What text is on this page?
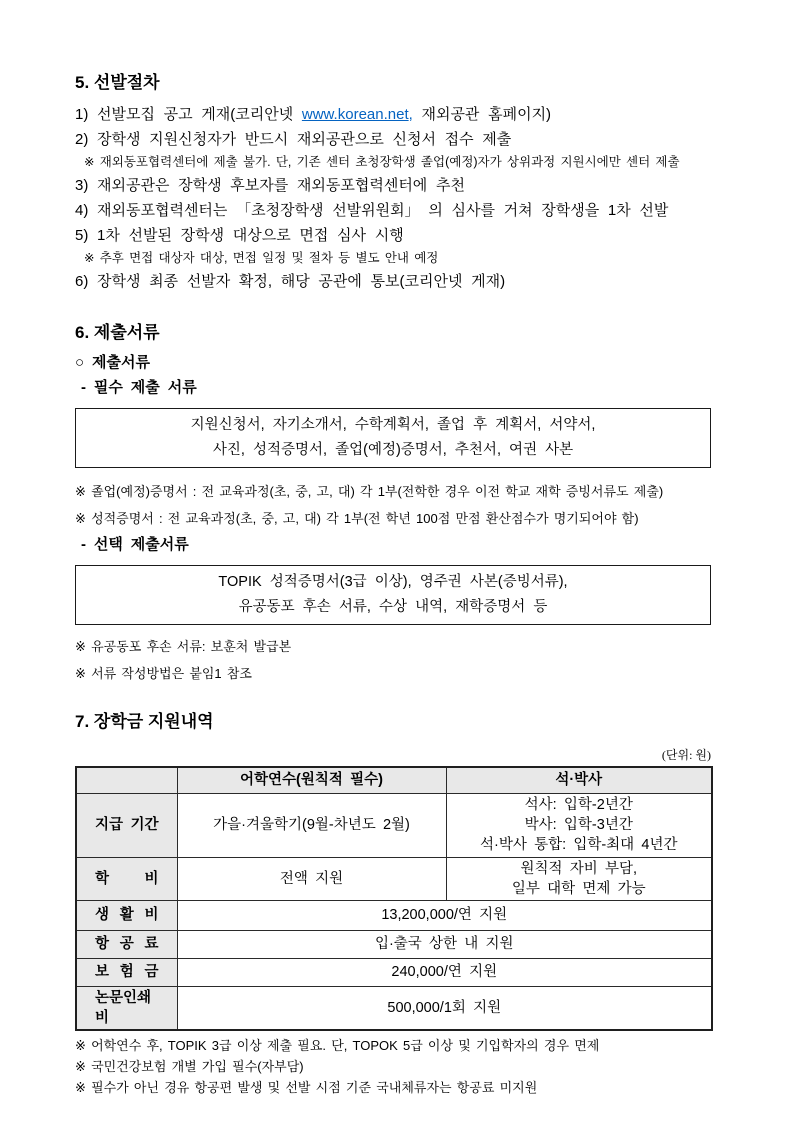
5. 선발절차
1) 선발모집 공고 게재(코리안넷 www.korean.net, 재외공관 홈페이지)
2) 장학생 지원신청자가 반드시 재외공관으로 신청서 접수 제출
※ 재외동포협력센터에 제출 불가. 단, 기존 센터 초청장학생 졸업(예정)자가 상위과정 지원시에만 센터 제출
3) 재외공관은 장학생 후보자를 재외동포협력센터에 추천
4) 재외동포협력센터는 「초청장학생 선발위원회」 의 심사를 거쳐 장학생을 1차 선발
5) 1차 선발된 장학생 대상으로 면접 심사 시행
※ 추후 면접 대상자 대상, 면접 일정 및 절차 등 별도 안내 예정
6) 장학생 최종 선발자 확정, 해당 공관에 통보(코리안넷 게재)
6. 제출서류
○ 제출서류
- 필수 제출 서류
지원신청서, 자기소개서, 수학계획서, 졸업 후 계획서, 서약서,
사진, 성적증명서, 졸업(예정)증명서, 추천서, 여권 사본
※ 졸업(예정)증명서 : 전 교육과정(초, 중, 고, 대) 각 1부(전학한 경우 이전 학교 재학 증빙서류도 제출)
※ 성적증명서 : 전 교육과정(초, 중, 고, 대) 각 1부(전 학년 100점 만점 환산점수가 명기되어야 함)
- 선택 제출서류
TOPIK 성적증명서(3급 이상), 영주권 사본(증빙서류),
유공동포 후손 서류, 수상 내역, 재학증명서 등
※ 유공동포 후손 서류: 보훈처 발급본
※ 서류 작성방법은 붙임1 참조
7. 장학금 지원내역
(단위: 원)
	어학연수(원칙적 필수)	석·박사

지급 기간	가을·겨울학기(9월-차년도 2월)	석사: 입학-2년간
박사: 입학-3년간
석·박사 통합: 입학-최대 4년간

학 비	전액 지원	원칙적 자비 부담,
일부 대학 면제 가능

생 활 비	13,200,000/연 지원	

항 공 료	입·출국 상한 내 지원	

보 험 금	240,000/연 지원	

논문인쇄비	500,000/1회 지원	
※ 어학연수 후, TOPIK 3급 이상 제출 필요. 단, TOPOK 5급 이상 및 기입학자의 경우 면제
※ 국민건강보험 개별 가입 필수(자부담)
※ 필수가 아닌 경유 항공편 발생 및 선발 시점 기준 국내체류자는 항공료 미지원
